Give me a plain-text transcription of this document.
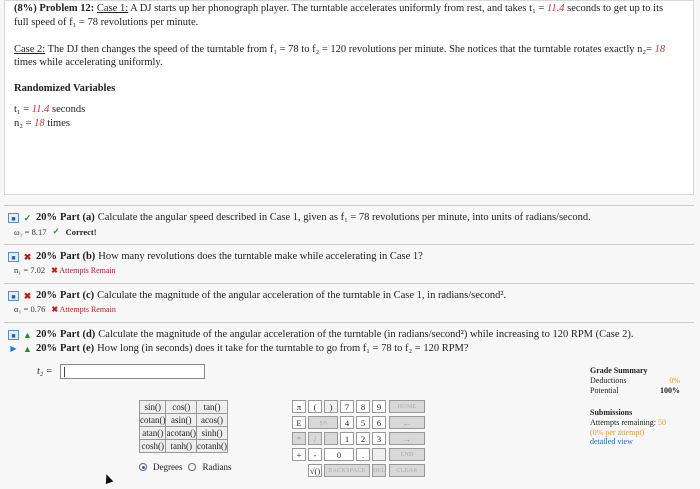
(8%) Problem 12: Case 1: A DJ starts up her phonograph player. The turntable accelerates uniformly from rest, and takes t₁ = 11.4 seconds to get up to its
full speed of f₁ = 78 revolutions per minute.
Case 2: The DJ then changes the speed of the turntable from f₁ = 78 to f₂ = 120 revolutions per minute. She notices that the turntable rotates exactly n₂= 18
times while accelerating uniformly.
Randomized Variables
t₁ = 11.4 seconds
n₂ = 18 times
■ ✓ 20% Part (a) Calculate the angular speed described in Case 1, given as f₁ = 78 revolutions per minute, into units of radians/second.
ω₁ = 8.17 ✓ Correct!
■ ✖ 20% Part (b) How many revolutions does the turntable make while accelerating in Case 1?
n₁ = 7.02 ✖ Attempts Remain
■ ✖ 20% Part (c) Calculate the magnitude of the angular acceleration of the turntable in Case 1, in radians/second².
α₁ = 0.76 ✖ Attempts Remain
■ ▲ 20% Part (d) Calculate the magnitude of the angular acceleration of the turntable (in radians/second²) while increasing to 120 RPM (Case 2).
▶ ▲ 20% Part (e) How long (in seconds) does it take for the turntable to go from f₁ = 78 to f₂ = 120 RPM?
t₂ =
sin()	cos()	tan()
cotan()	asin()	acos()
atan()	acotan()	sinh()
cosh()	tanh()	cotanh()
Degrees Radians
π	(	)	7	8	9	HOME
E	↑^	4	5	6	←
*	/	1	2	3	→
+	-	0	.	END
√()	BACKSPACE	DEL	CLEAR
Grade Summary
Deductions	0%
Potential	100%
Submissions
Attempts remaining: 50
(0% per attempt)
detailed view
